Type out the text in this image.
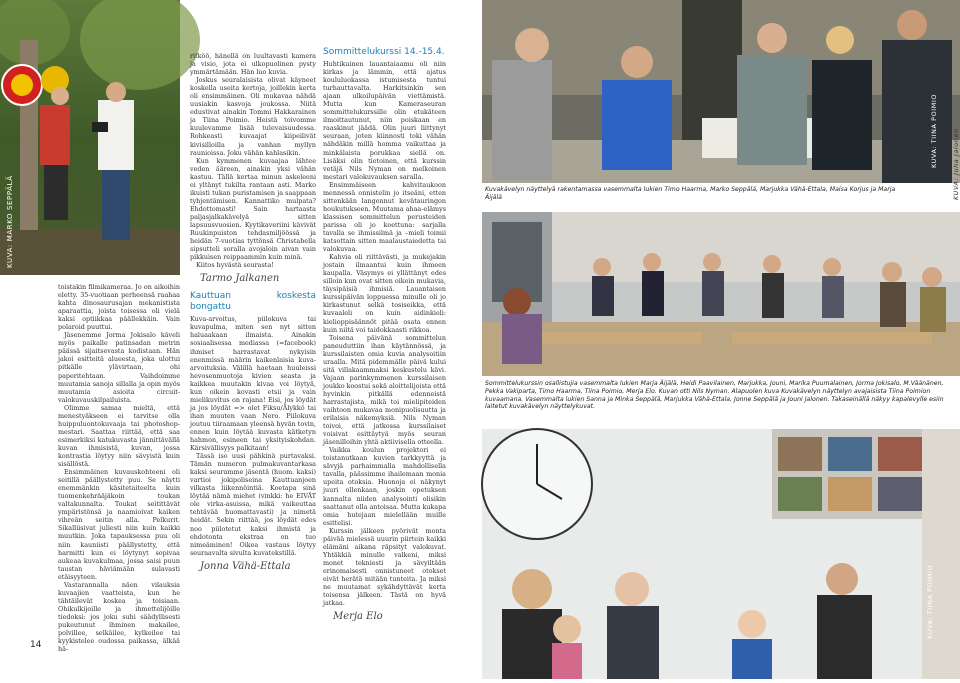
KUVA: MARKO SEPPÄLÄ

toistakin filmikameraa. Jo on aikoihin eletty. 35-vuotiaan perheensä raahaa kahta dinosaurusajan mekanistista aparaattia, joista toisessa oli vielä kaksi optiikkaa päällekkäin. Vain polaroid puuttui.

Jäsenemme Jorma Jokisalo käveli myös paikalle patinsadan metrin päässä sijaitsevasta kodistaan. Hän jakoi esitteitä alueesta, joka ulottui pitkälle ylävirtaan, ohi paperitehtaan. Vaihdoimme muutamia sanoja sillalla ja opin myös muutamia asioita circuit-valokuvauskilpailuista.

Olimme samaa mieltä, että menestyäkseen ei tarvitse olla huippuluontokuvaaja tai photoshop-mestari. Saattaa riittää, että saa esimerkiksi katukuvasta jännittävällä kuvan ihmisistä, kuvan, jossa kontrastia löytyy niin sävyistä kuin sisällöstä.

Ensimmäinen kuvauskohteeni oli seitillä päällystetty puu. Se näytti enemmänkin käsitetaiteelta kuin tuomenkehrääjäkoin toukan valtakunnalta. Toukat seitittävät ympäristönsä ja naamioivat kaiken vihreän seitin alla. Pelkurit. Sikalliisivat juliesti niin kuin kaikki muutkin. Joka tapauksessa puu oli niin kauniisti päällystetty, että harmitti kun ei löytynyt sopivaa aukeaa kuvakulmaa, jossa saisi puun taustan häviämään sulavasti etäisyyteen.

Vastarannalla näen vilauksia kuvaajien vaatteista, kun he tähtäilevät koskea ja toisiaan. Ohikulkijoille ja ihmettelijöille tiedoksi: jos joku suhi säädyllisesti pukeutunut ihminen makailee, polvillee, selkäilee, kylkeilee tai kyykistelee oudossa paikassa, älkää hä-

14

ritköö, hänellä on luultavasti kamera ja visio, jota ei ulkopuolinen pysty ymmärtämään. Hän luo kuvia.

Joskus seuralaisista olivat käyneet koskella useita kertoja, joillekin kerta oli ensimmäinen. Oli mukavaa nähdä uusiakin kasvoja joukossa. Niitä edustivat ainakin Tommi Hakkarainen ja Tiina Poimio. Heistä toivomme kuulevamme lisää tulevaisuudessa. Rohkeasti kuvaajat kiipeilivät kivisilloilla ja vanhan myllyn raunioissa. Joku vähän kahlasikin.

Kun kymmenen kuvaajaa lähtee veden ääreen, ainakin yksi vähän kastuu. Tällä kertaa minun askeleeni ei yltänyt tukilta rantaan asti. Marko ikuisti tukan puristamisen ja saappaan tyhjentämisen. Kannattiko mulpata? Ehdottomasti! Sain hartaasta paljasjalkakävelyä sitten lapsuusvuosien. Kyytikaveriini kävivät Ruukinpuiston tehdasmiljöössä ja heidän 7-vuotias tyttönsä Christabella sipsutteli soralla avojaloin aivan vain pikkuisen reippaammin kuin minä.

Kiitos hyvästä seurasta!

Tarmo Jalkanen
Kauttuan koskesta bongattu

Kuva-arvoitus, piilokuva tai kuvapulma, miten sen nyt sitten haluaakaan ilmaista. Ainakin sosiaalisessa mediassa (=facebook) ihmiset harrastavat nykyisin enenmissä määrin kaikenlaisia kuva-arvoituksia. Välillä haetaan huuleissi hevosenmuotoja kivien seasta ja kaikkea muutakin kivaa voi löytyä, kun oikein kovasti etsii ja vain mielikuvitus on rajana! Eisi, jos löydät ja jos löydät => olet Fiksu/Älykkö tai ihan muuten vaan Nero. Piilokuva joutuu tiiraamaan yleensä hyvän tovin, ennen kuin löytää kuvasta kätketyn hahmon, esineen tai yksityiskohdan. Kärsivällisyys palkitaan!

Tässä iso uusi pähkinä purtavaksi. Tämän numeron pulmakuvantarkasa kaksi seuramme jäsentä (huom. kaksi) vartioi jokipoliseina Kauttuanjoen vilkasta liikennöintiä. Koetapa sinä löytää nämä miehet (vinkki: he EIVÄT ole virka-asuissa, mikä vaikeuttaa tehtävää huomattavasti) ja nimetä heidät. Sekin riittää, jos löydät edes noo piilotetut kaksi ihmistä ja ehdotonta ekstraa on tuo nimeäminen! Oikea vastaus löytyy seuraavalta sivulta kuvatekstillä.

Jonna Vähä-Ettala
Sommittelukurssi 14.-15.4.

Huhtikuinen lauantaiaamu oli niin kirkas ja lämmin, että ajatus koululuokassa istumisesta tuntui turhauttavalta. Harkitsinkin sen ajaan ulkoilupäivän viettämistä. Mutta kun Kameraseuran sommittelukurssille olin etukäteen ilmoittautunut, niin poiskaan en raaskinut jäädä. Olin juuri liittynyt seuraan, joten kiinnosti toki vähän nähdäkin millä homma vaikuttaa ja minkälaista porukkaa siellä on. Lisäksi olin tietoinen, että kurssin vetäjä Nils Nyman on melkoinen mestari valokuvauksen saralla.

Ensimmäiseen kahvitaukoon mennessä onnistelin jo itseäni, etten sittenkään langennut kevätauringon houkutukseen. Muutama ahaa-elämys klassisen sommittelun perusteiden parissa oli jo koettuna: sarjalla tavalla se ihmissilmä ja –mieli toimii katsottain sitten maalaustaiedetta tai valokuvaa.

Kahvia oli riittävästi, ja mukejakin jostain ilmaantui kuin ihmeen kaupalla. Väsymys ei yllättänyt edes silloin kun ovat sitten oikein mukavia, täysipäisiä ihmisiä. Lauantaisen kurssipäivän loppuessa minulle oli jo kirkastunut selkä tosiseikka, että kuvaaleli on kuin aidinkieli: kielioppisäännöt pitää osata ennen kuin niitä voi taidokkaasti rikkoa.

Toisena päivänä sommittelun paneuduttiin ihan käytännössä, ja kurssilaisten omia kuvia analysoitiin uraalla. Mitä pidemmälle päivä kului sitä villakaammaksi keskustelu kävi. Vajaan parinkymmenen kurssilaisen joukko koostui sekä aloittelijoista että hyvinkin pitkällä edenneistä harrastajista, mikä toi mielipiteiden vaihtoon mukavaa monipuolisuutta ja erilaisia näkemyksiä. Nils Nyman toivoi, että jatkossa kurssilaiset voisivat esittäytyä myös seuran jäsenilloihin yhtä aktiivisella otteella.

Vaikka koulun projektori ei toistanutkaan kuvien tarkkyyttä ja sävyjä parhaimmalla mahdollisella tavalla, päässimme ihailemaan monia upeita otoksia. Huonoja ei näkynyt juuri ollenkaan, joskin opetuksen kannalta niiden analysointi olisikin saattanut olla antoisaa. Mutta kukapa omia hutejaan mielellään muille esittelisi.

Kurssin jälkeen pyörivät monta päivää mielessä uuurin piirtein kaikki elämäni aikana räpsityt valokuvat. Yhtäkkiä minulle valkeni, miksi monet tekniesti ja sävyiltään erinomaisesti onnistuneet otokset eivät herätä mitään tunteita. Ja miksi ne muutamat sykähdyttävät kerta toisensa jälkeen. Tästä on hyvä jatkaa.

Merja Elo
KUVA: TIINA POIMIO
Kuvakävelyn näyttelyä rakentamassa vasemmalta lukien Timo Haarma, Marko Seppälä, Marjukka Vähä-Ettala, Maisa Korjus ja Marja Äijälä	KUVA: Juha Jalonen
Sommittelukurssin osallistujia vasemmalta lukien Marja Äijälä, Heidi Paavilainen, Marjukka, Jouni, Marika Puumalainen, Jorma Jokisalo, M.Väänänen, Pekka Vakiparta, Timo Haarma, Tiina Poimio, Merja Elo. Kuvan otti Nils Nyman. Alapuolen kuva Kuvakävelyn näyttelyn avajaisista Tiina Poimion kuvaamana. Vasemmalta lukien Sanna ja Minka Seppälä, Marjukka Vähä-Ettala, Jonne Seppälä ja Jouni Jalonen. Takaseinällä näkyy kapalevylle esiin laitetut kuvakävelyn näyttelykuvat.
KUVA: TIINA POIMIO
